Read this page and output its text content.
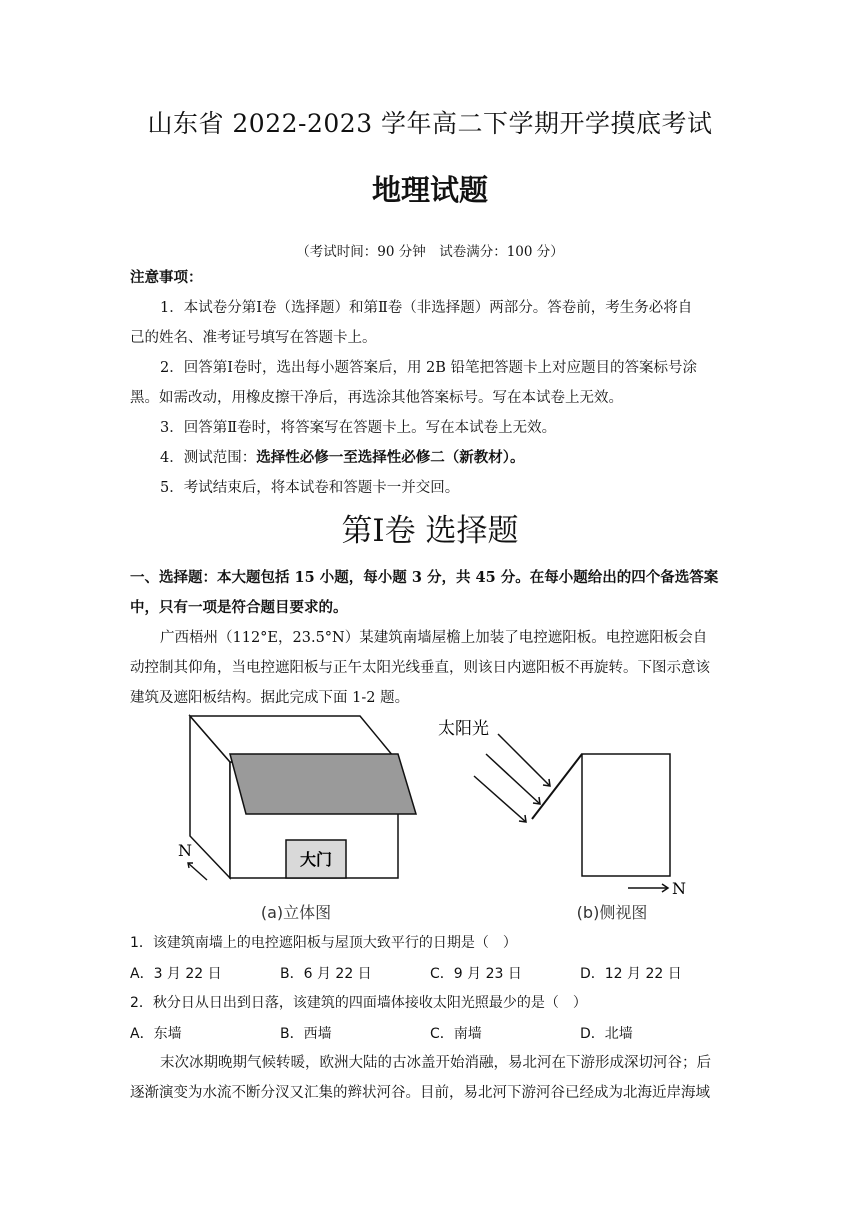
山东省 2022-2023 学年高二下学期开学摸底考试
地理试题
（考试时间：90 分钟　试卷满分：100 分）
注意事项：
1．本试卷分第Ⅰ卷（选择题）和第Ⅱ卷（非选择题）两部分。答卷前，考生务必将自
己的姓名、准考证号填写在答题卡上。
2．回答第Ⅰ卷时，选出每小题答案后，用 2B 铅笔把答题卡上对应题目的答案标号涂
黑。如需改动，用橡皮擦干净后，再选涂其他答案标号。写在本试卷上无效。
3．回答第Ⅱ卷时，将答案写在答题卡上。写在本试卷上无效。
4．测试范围：选择性必修一至选择性必修二（新教材）。
5．考试结束后，将本试卷和答题卡一并交回。
第Ⅰ卷 选择题
一、选择题：本大题包括 15 小题，每小题 3 分，共 45 分。在每小题给出的四个备选答案
中，只有一项是符合题目要求的。
广西梧州（112°E，23.5°N）某建筑南墙屋檐上加装了电控遮阳板。电控遮阳板会自
动控制其仰角，当电控遮阳板与正午太阳光线垂直，则该日内遮阳板不再旋转。下图示意该
建筑及遮阳板结构。据此完成下面 1-2 题。
大门
N
太阳光
N
(a)立体图	(b)侧视图
1．该建筑南墙上的电控遮阳板与屋顶大致平行的日期是（　）
A．3 月 22 日	B．6 月 22 日	C．9 月 23 日	D．12 月 22 日
2．秋分日从日出到日落，该建筑的四面墙体接收太阳光照最少的是（　）
A．东墙	B．西墙	C．南墙	D．北墙
末次冰期晚期气候转暖，欧洲大陆的古冰盖开始消融，易北河在下游形成深切河谷；后
逐渐演变为水流不断分汊又汇集的辫状河谷。目前，易北河下游河谷已经成为北海近岸海域
